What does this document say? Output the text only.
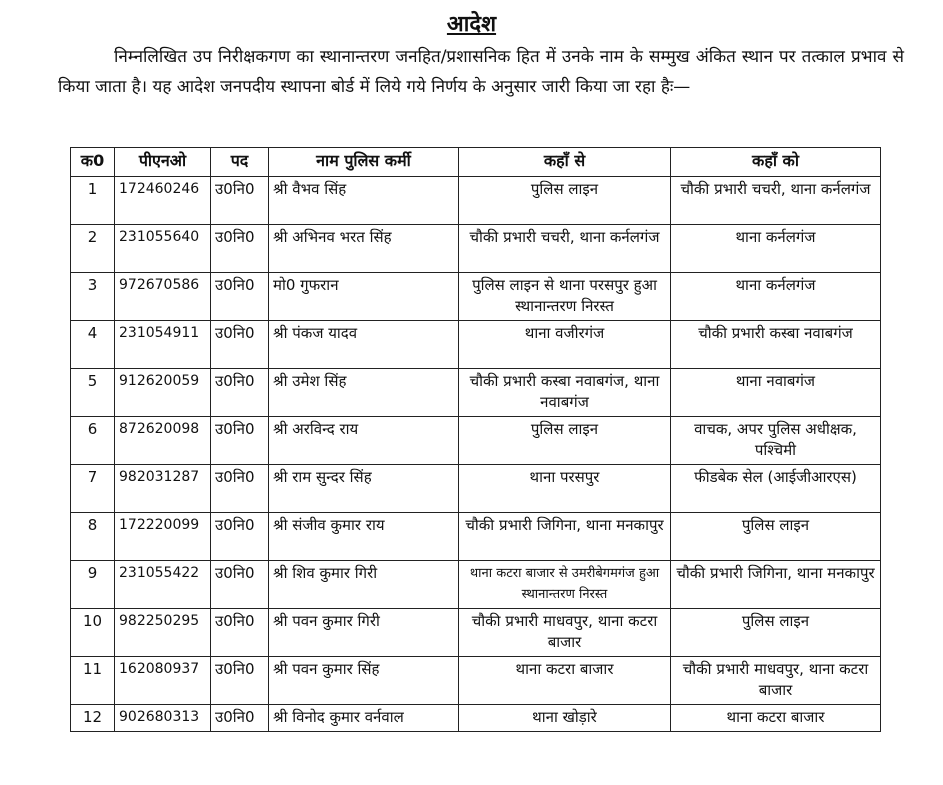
आदेश
निम्नलिखित उप निरीक्षकगण का स्थानान्तरण जनहित/प्रशासनिक हित में उनके नाम के सम्मुख अंकित स्थान पर तत्काल प्रभाव से किया जाता है। यह आदेश जनपदीय स्थापना बोर्ड में लिये गये निर्णय के अनुसार जारी किया जा रहा हैः—
क0	पीएनओ	पद	नाम पुलिस कर्मी	कहाँ से	कहाँ को
1	172460246	उ0नि0	श्री वैभव सिंह	पुलिस लाइन	चौकी प्रभारी चचरी, थाना कर्नलगंज
2	231055640	उ0नि0	श्री अभिनव भरत सिंह	चौकी प्रभारी चचरी, थाना कर्नलगंज	थाना कर्नलगंज
3	972670586	उ0नि0	मो0 गुफरान	पुलिस लाइन से थाना परसपुर हुआ स्थानान्तरण निरस्त	थाना कर्नलगंज
4	231054911	उ0नि0	श्री पंकज यादव	थाना वजीरगंज	चौकी प्रभारी कस्बा नवाबगंज
5	912620059	उ0नि0	श्री उमेश सिंह	चौकी प्रभारी कस्बा नवाबगंज, थाना नवाबगंज	थाना नवाबगंज
6	872620098	उ0नि0	श्री अरविन्द राय	पुलिस लाइन	वाचक, अपर पुलिस अधीक्षक, पश्चिमी
7	982031287	उ0नि0	श्री राम सुन्दर सिंह	थाना परसपुर	फीडबेक सेल (आईजीआरएस)
8	172220099	उ0नि0	श्री संजीव कुमार राय	चौकी प्रभारी जिगिना, थाना मनकापुर	पुलिस लाइन
9	231055422	उ0नि0	श्री शिव कुमार गिरी	थाना कटरा बाजार से उमरीबेगमगंज हुआ स्थानान्तरण निरस्त	चौकी प्रभारी जिगिना, थाना मनकापुर
10	982250295	उ0नि0	श्री पवन कुमार गिरी	चौकी प्रभारी माधवपुर, थाना कटरा बाजार	पुलिस लाइन
11	162080937	उ0नि0	श्री पवन कुमार सिंह	थाना कटरा बाजार	चौकी प्रभारी माधवपुर, थाना कटरा बाजार
12	902680313	उ0नि0	श्री विनोद कुमार वर्नवाल	थाना खोड़ारे	थाना कटरा बाजार
